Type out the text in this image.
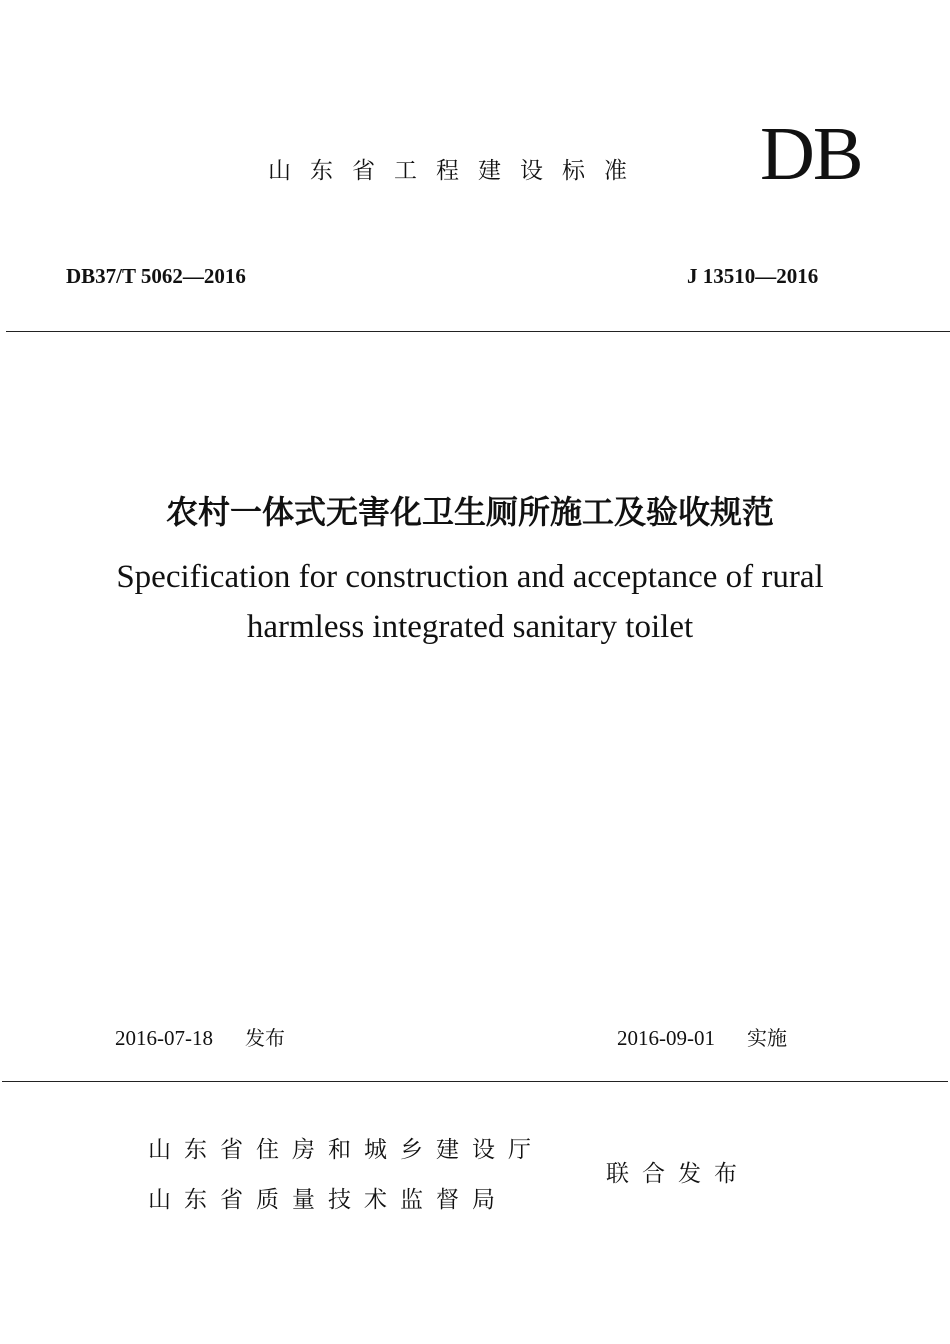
山东省工程建设标准 DB
DB37/T 5062—2016	J 13510—2016
农村一体式无害化卫生厕所施工及验收规范
Specification for construction and acceptance of rural
harmless integrated sanitary toilet
2016-07-18 发布	2016-09-01 实施
山东省住房和城乡建设厅
山东省质量技术监督局
联合发布
